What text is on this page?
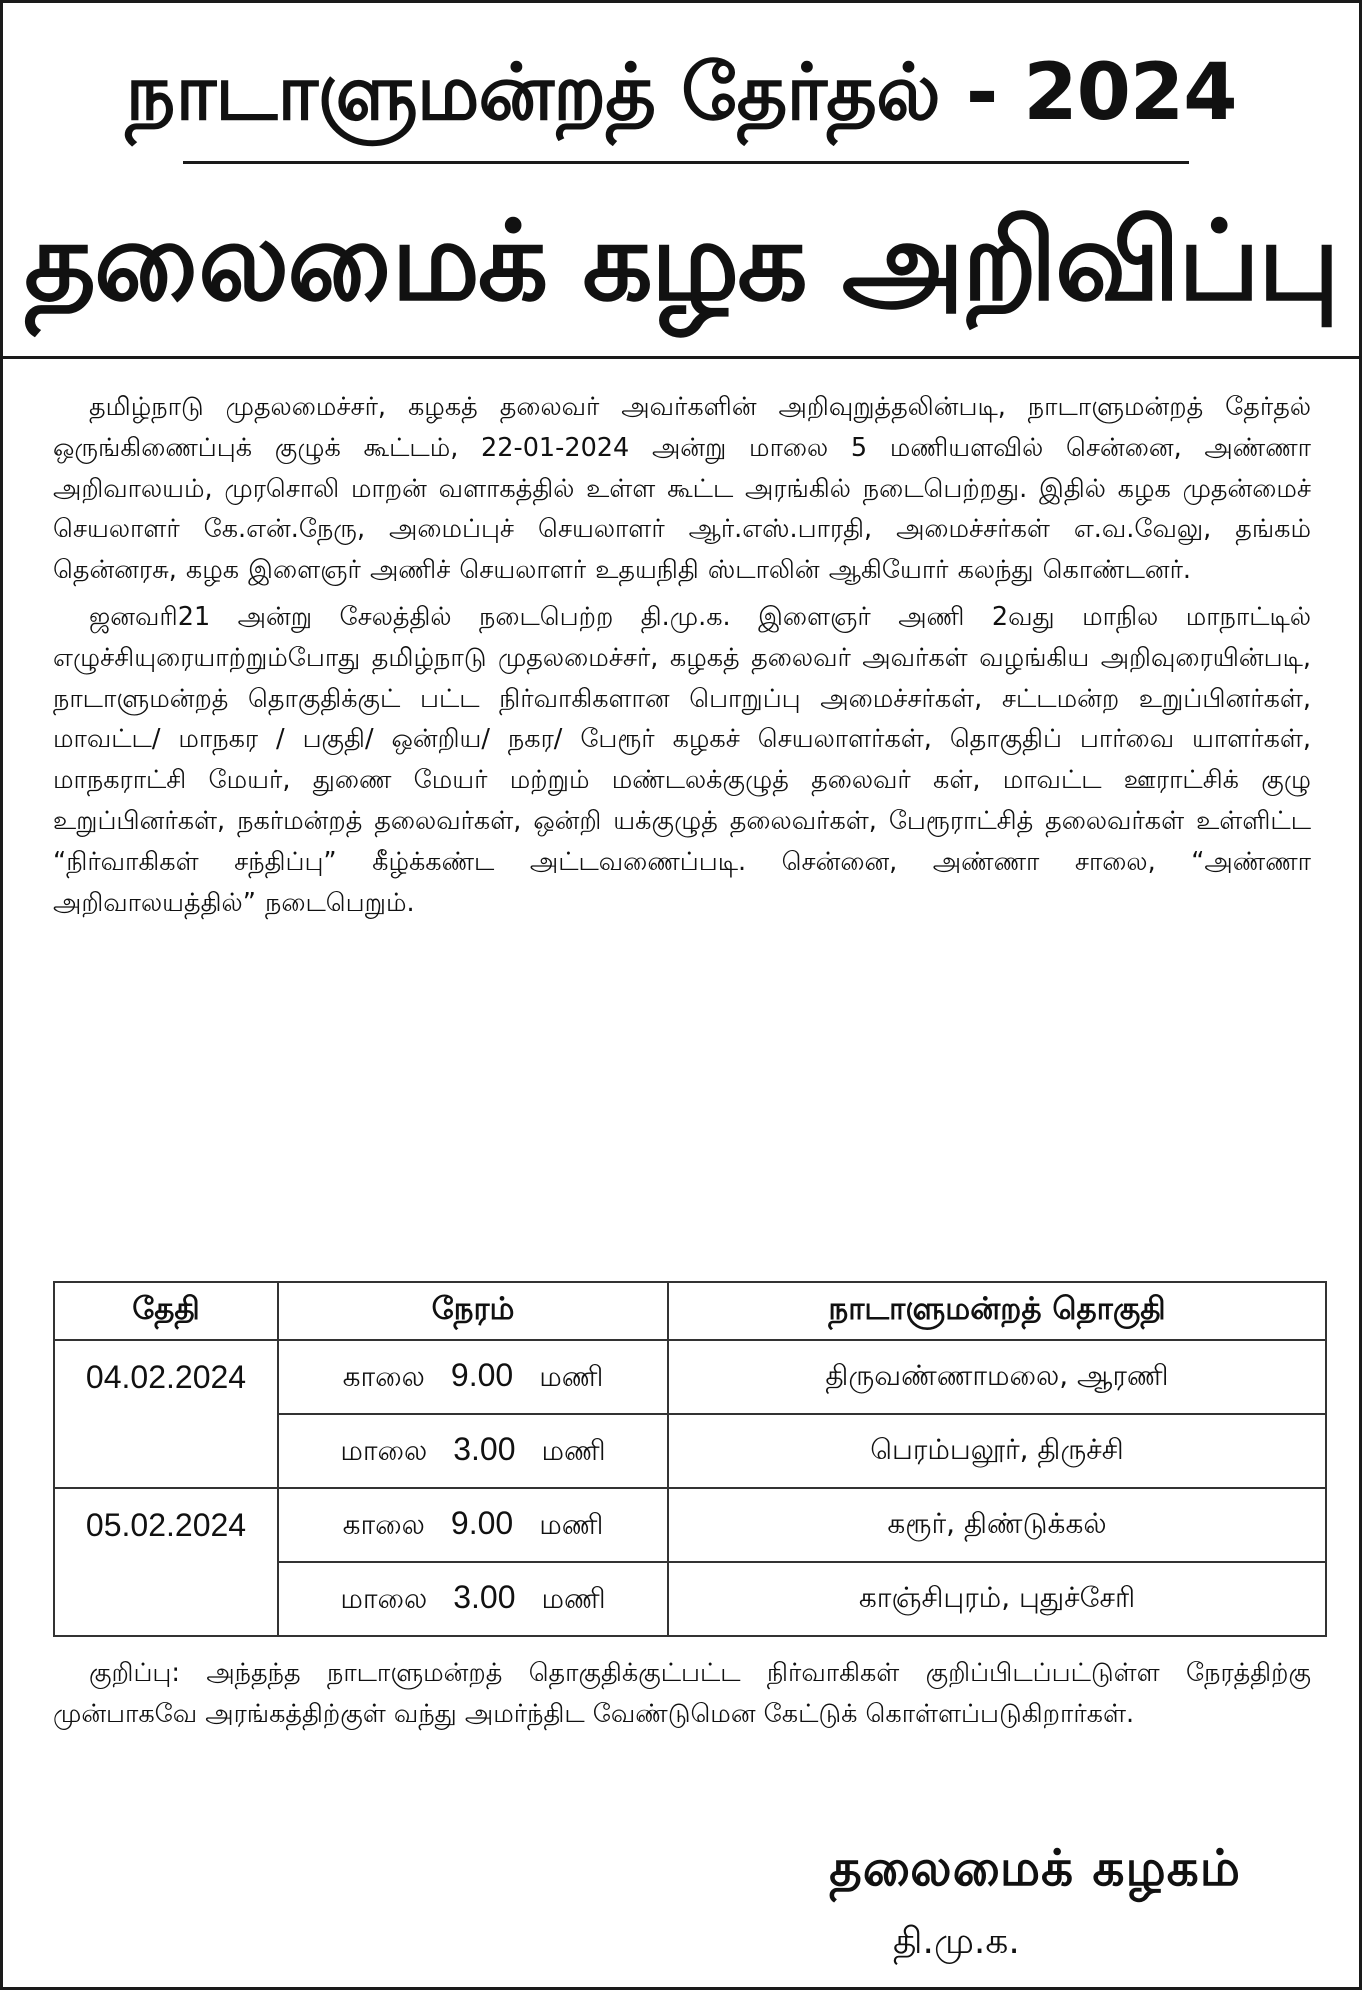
நாடாளுமன்றத் தேர்தல் - 2024
தலைமைக் கழக அறிவிப்பு

தமிழ்நாடு முதலமைச்சர், கழகத் தலைவர் அவர்களின் அறிவுறுத்தலின்படி, நாடாளுமன்றத் தேர்தல் ஒருங்கிணைப்புக் குழுக் கூட்டம், 22-01-2024 அன்று மாலை 5 மணியளவில் சென்னை, அண்ணா அறிவாலயம், முரசொலி மாறன் வளாகத்தில் உள்ள கூட்ட அரங்கில் நடைபெற்றது. இதில் கழக முதன்மைச் செயலாளர் கே.என்.நேரு, அமைப்புச் செயலாளர் ஆர்.எஸ்.பாரதி, அமைச்சர்கள் எ.வ.வேலு, தங்கம் தென்னரசு, கழக இளைஞர் அணிச் செயலாளர் உதயநிதி ஸ்டாலின் ஆகியோர் கலந்து கொண்டனர்.

ஜனவரி21 அன்று சேலத்தில் நடைபெற்ற தி.மு.க. இளைஞர் அணி 2வது மாநில மாநாட்டில் எழுச்சியுரையாற்றும்போது தமிழ்நாடு முதலமைச்சர், கழகத் தலைவர் அவர்கள் வழங்கிய அறிவுரையின்படி, நாடாளுமன்றத் தொகுதிக்குட் பட்ட நிர்வாகிகளான பொறுப்பு அமைச்சர்கள், சட்டமன்ற உறுப்பினர்கள், மாவட்ட/ மாநகர / பகுதி/ ஒன்றிய/ நகர/ பேரூர் கழகச் செயலாளர்கள், தொகுதிப் பார்வை யாளர்கள், மாநகராட்சி மேயர், துணை மேயர் மற்றும் மண்டலக்குழுத் தலைவர் கள், மாவட்ட ஊராட்சிக் குழு உறுப்பினர்கள், நகர்மன்றத் தலைவர்கள், ஒன்றி யக்குழுத் தலைவர்கள், பேரூராட்சித் தலைவர்கள் உள்ளிட்ட “நிர்வாகிகள் சந்திப்பு” கீழ்க்கண்ட அட்டவணைப்படி. சென்னை, அண்ணா சாலை, “அண்ணா அறிவாலயத்தில்” நடைபெறும்.

தேதி	நேரம்	நாடாளுமன்றத் தொகுதி
04.02.2024	காலை 9.00 மணி	திருவண்ணாமலை, ஆரணி
	மாலை 3.00 மணி	பெரம்பலூர், திருச்சி
05.02.2024	காலை 9.00 மணி	கரூர், திண்டுக்கல்
	மாலை 3.00 மணி	காஞ்சிபுரம், புதுச்சேரி

குறிப்பு: அந்தந்த நாடாளுமன்றத் தொகுதிக்குட்பட்ட நிர்வாகிகள் குறிப்பிடப்பட்டுள்ள நேரத்திற்கு முன்பாகவே அரங்கத்திற்குள் வந்து அமர்ந்திட வேண்டுமென கேட்டுக் கொள்ளப்படுகிறார்கள்.

தலைமைக் கழகம்
தி.மு.க.
